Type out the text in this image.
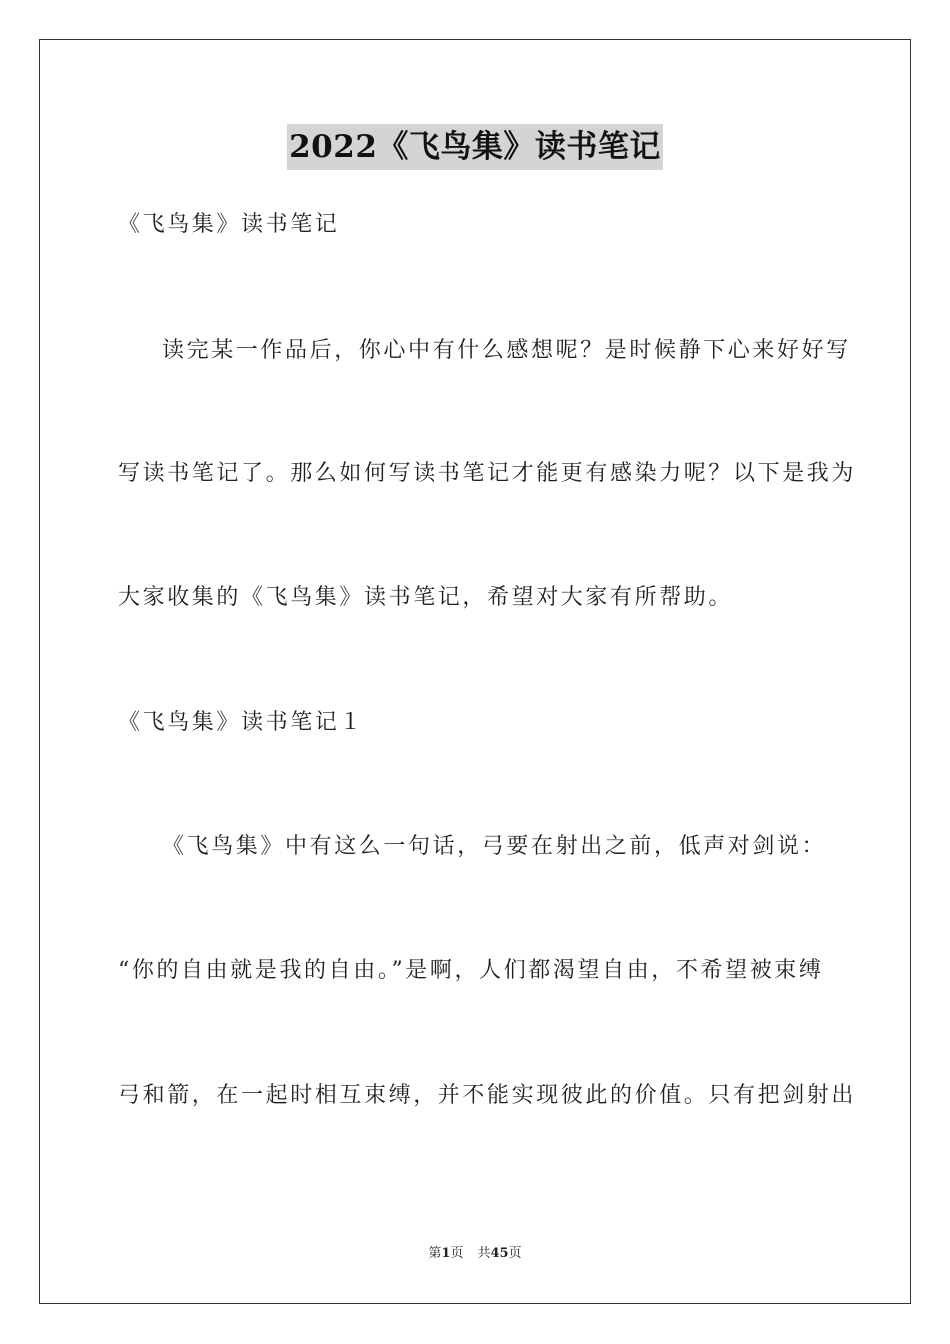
2022《飞鸟集》读书笔记
《飞鸟集》读书笔记
读完某一作品后，你心中有什么感想呢？是时候静下心来好好写
写读书笔记了。那么如何写读书笔记才能更有感染力呢？以下是我为
大家收集的《飞鸟集》读书笔记，希望对大家有所帮助。
《飞鸟集》读书笔记１
《飞鸟集》中有这么一句话，弓要在射出之前，低声对剑说：
“你的自由就是我的自由。”是啊，人们都渴望自由，不希望被束缚
弓和箭，在一起时相互束缚，并不能实现彼此的价值。只有把剑射出
第1页 共45页
